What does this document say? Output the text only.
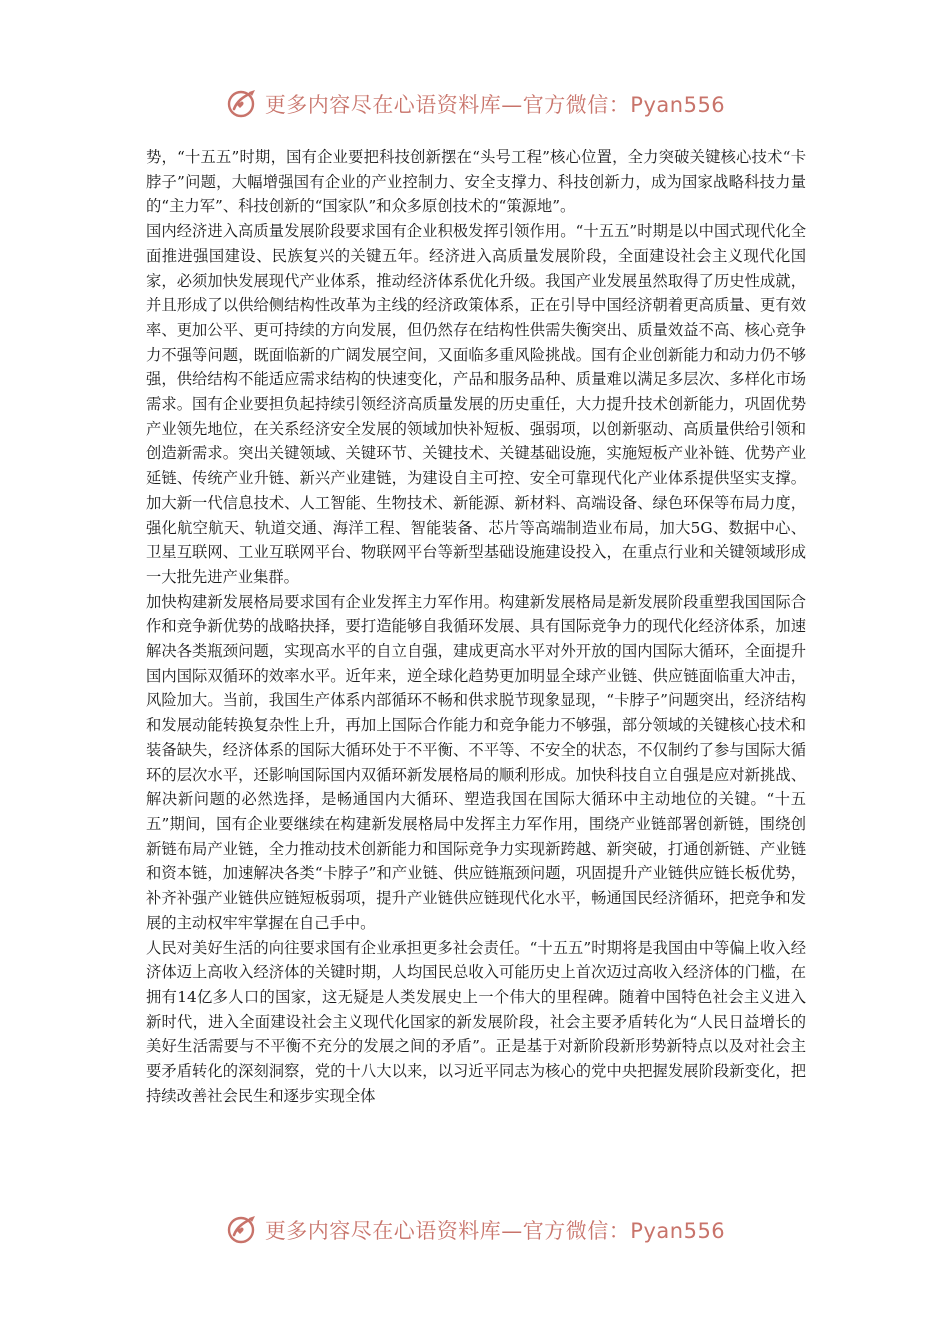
更多内容尽在心语资料库—官方微信：Pyan556

势，“十五五”时期，国有企业要把科技创新摆在“头号工程”核心位置，全力突破关键核心技术“卡脖子”问题，大幅增强国有企业的产业控制力、安全支撑力、科技创新力，成为国家战略科技力量的“主力军”、科技创新的“国家队”和众多原创技术的“策源地”。

国内经济进入高质量发展阶段要求国有企业积极发挥引领作用。“十五五”时期是以中国式现代化全面推进强国建设、民族复兴的关键五年。经济进入高质量发展阶段，全面建设社会主义现代化国家，必须加快发展现代产业体系，推动经济体系优化升级。我国产业发展虽然取得了历史性成就，并且形成了以供给侧结构性改革为主线的经济政策体系，正在引导中国经济朝着更高质量、更有效率、更加公平、更可持续的方向发展，但仍然存在结构性供需失衡突出、质量效益不高、核心竞争力不强等问题，既面临新的广阔发展空间，又面临多重风险挑战。国有企业创新能力和动力仍不够强，供给结构不能适应需求结构的快速变化，产品和服务品种、质量难以满足多层次、多样化市场需求。国有企业要担负起持续引领经济高质量发展的历史重任，大力提升技术创新能力，巩固优势产业领先地位，在关系经济安全发展的领域加快补短板、强弱项，以创新驱动、高质量供给引领和创造新需求。突出关键领域、关键环节、关键技术、关键基础设施，实施短板产业补链、优势产业延链、传统产业升链、新兴产业建链，为建设自主可控、安全可靠现代化产业体系提供坚实支撑。加大新一代信息技术、人工智能、生物技术、新能源、新材料、高端设备、绿色环保等布局力度，强化航空航天、轨道交通、海洋工程、智能装备、芯片等高端制造业布局，加大5G、数据中心、卫星互联网、工业互联网平台、物联网平台等新型基础设施建设投入，在重点行业和关键领域形成一大批先进产业集群。

加快构建新发展格局要求国有企业发挥主力军作用。构建新发展格局是新发展阶段重塑我国国际合作和竞争新优势的战略抉择，要打造能够自我循环发展、具有国际竞争力的现代化经济体系，加速解决各类瓶颈问题，实现高水平的自立自强，建成更高水平对外开放的国内国际大循环，全面提升国内国际双循环的效率水平。近年来，逆全球化趋势更加明显全球产业链、供应链面临重大冲击，风险加大。当前，我国生产体系内部循环不畅和供求脱节现象显现，“卡脖子”问题突出，经济结构和发展动能转换复杂性上升，再加上国际合作能力和竞争能力不够强，部分领域的关键核心技术和装备缺失，经济体系的国际大循环处于不平衡、不平等、不安全的状态，不仅制约了参与国际大循环的层次水平，还影响国际国内双循环新发展格局的顺利形成。加快科技自立自强是应对新挑战、解决新问题的必然选择，是畅通国内大循环、塑造我国在国际大循环中主动地位的关键。“十五五”期间，国有企业要继续在构建新发展格局中发挥主力军作用，围绕产业链部署创新链，围绕创新链布局产业链，全力推动技术创新能力和国际竞争力实现新跨越、新突破，打通创新链、产业链和资本链，加速解决各类“卡脖子”和产业链、供应链瓶颈问题，巩固提升产业链供应链长板优势，补齐补强产业链供应链短板弱项，提升产业链供应链现代化水平，畅通国民经济循环，把竞争和发展的主动权牢牢掌握在自己手中。

人民对美好生活的向往要求国有企业承担更多社会责任。“十五五”时期将是我国由中等偏上收入经济体迈上高收入经济体的关键时期，人均国民总收入可能历史上首次迈过高收入经济体的门槛，在拥有14亿多人口的国家，这无疑是人类发展史上一个伟大的里程碑。随着中国特色社会主义进入新时代，进入全面建设社会主义现代化国家的新发展阶段，社会主要矛盾转化为“人民日益增长的美好生活需要与不平衡不充分的发展之间的矛盾”。正是基于对新阶段新形势新特点以及对社会主要矛盾转化的深刻洞察，党的十八大以来，以习近平同志为核心的党中央把握发展阶段新变化，把持续改善社会民生和逐步实现全体

更多内容尽在心语资料库—官方微信：Pyan556
